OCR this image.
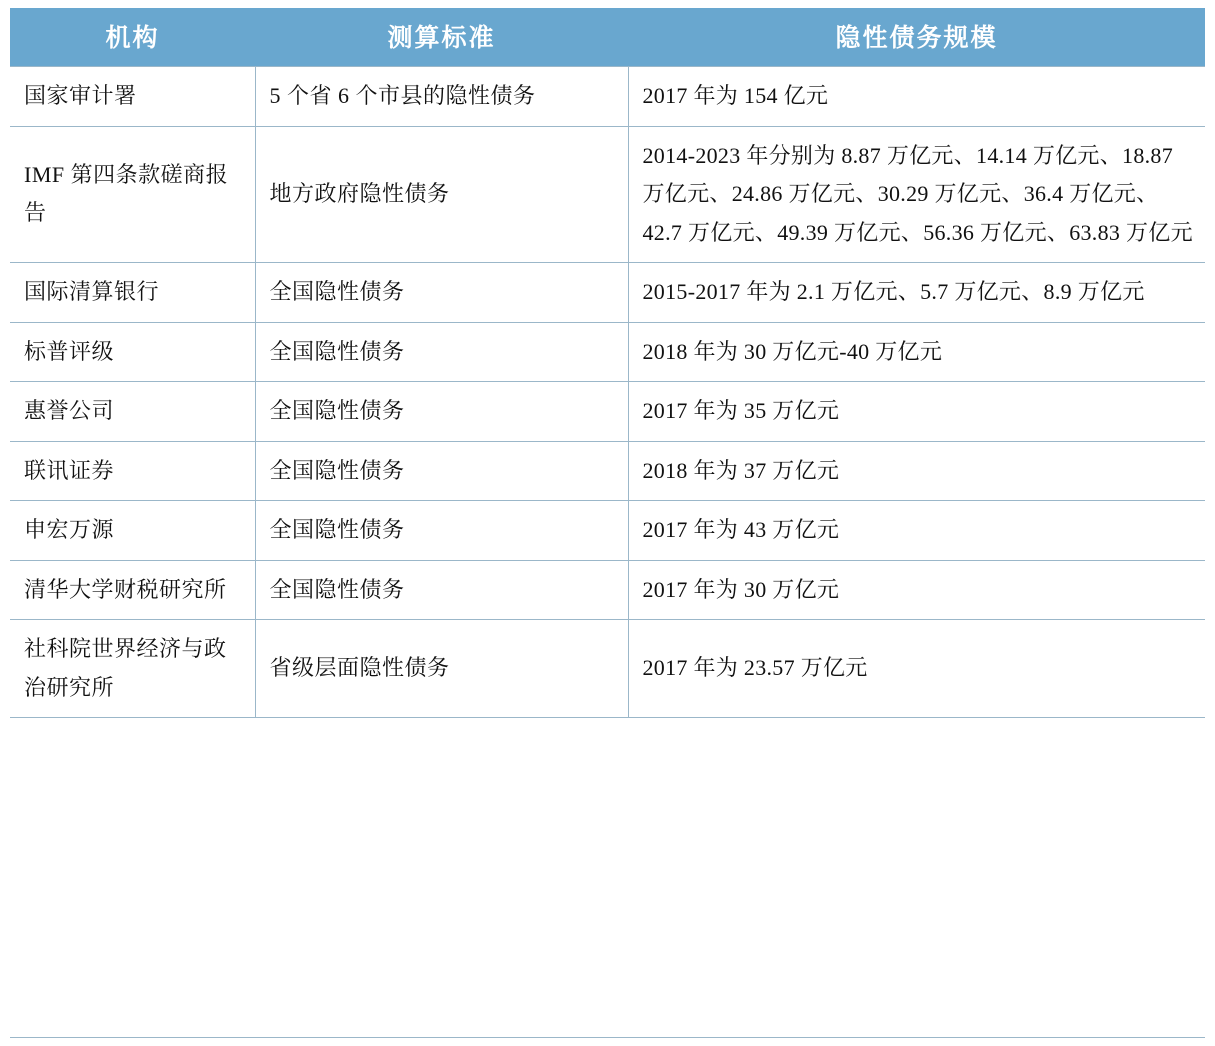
机构	测算标准	隐性债务规模
国家审计署	5 个省 6 个市县的隐性债务	2017 年为 154 亿元
IMF 第四条款磋商报告	地方政府隐性债务	2014-2023 年分别为 8.87 万亿元、14.14 万亿元、18.87 万亿元、24.86 万亿元、30.29 万亿元、36.4 万亿元、42.7 万亿元、49.39 万亿元、56.36 万亿元、63.83 万亿元
国际清算银行	全国隐性债务	2015-2017 年为 2.1 万亿元、5.7 万亿元、8.9 万亿元
标普评级	全国隐性债务	2018 年为 30 万亿元-40 万亿元
惠誉公司	全国隐性债务	2017 年为 35 万亿元
联讯证券	全国隐性债务	2018 年为 37 万亿元
申宏万源	全国隐性债务	2017 年为 43 万亿元
清华大学财税研究所	全国隐性债务	2017 年为 30 万亿元
社科院世界经济与政治研究所	省级层面隐性债务	2017 年为 23.57 万亿元
